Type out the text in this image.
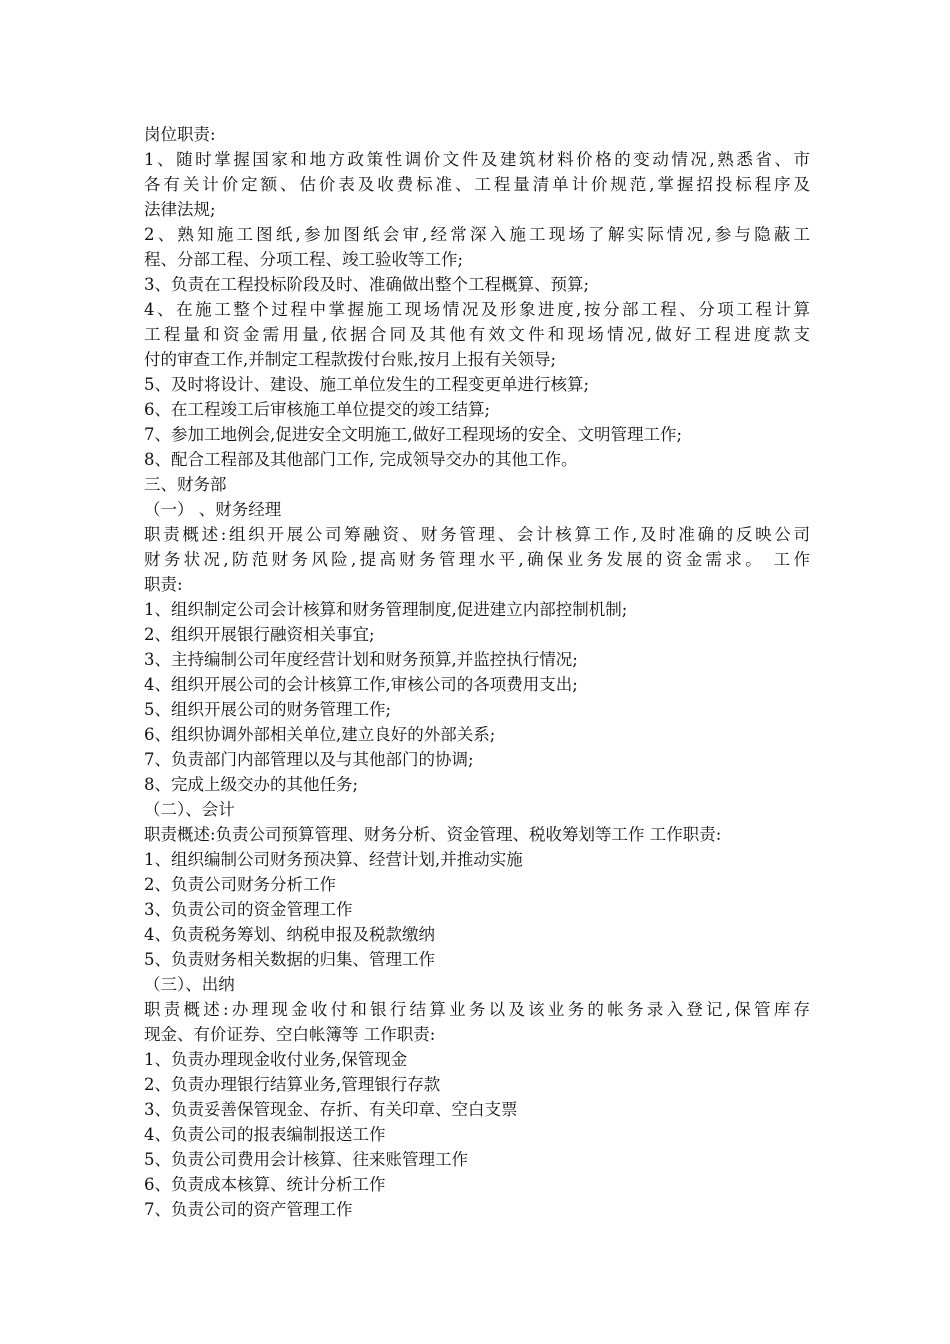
岗位职责:
1、随时掌握国家和地方政策性调价文件及建筑材料价格的变动情况,熟悉省、市
各有关计价定额、估价表及收费标准、工程量清单计价规范,掌握招投标程序及
法律法规;
2、熟知施工图纸,参加图纸会审,经常深入施工现场了解实际情况,参与隐蔽工
程、分部工程、分项工程、竣工验收等工作;
3、负责在工程投标阶段及时、准确做出整个工程概算、预算;
4、在施工整个过程中掌握施工现场情况及形象进度,按分部工程、分项工程计算
工程量和资金需用量,依据合同及其他有效文件和现场情况,做好工程进度款支
付的审查工作,并制定工程款拨付台账,按月上报有关领导;
5、及时将设计、建设、施工单位发生的工程变更单进行核算;
6、在工程竣工后审核施工单位提交的竣工结算;
7、参加工地例会,促进安全文明施工,做好工程现场的安全、文明管理工作;
8、配合工程部及其他部门工作, 完成领导交办的其他工作。
三、财务部
（一） 、财务经理
职责概述:组织开展公司筹融资、财务管理、会计核算工作,及时准确的反映公司
财务状况,防范财务风险,提高财务管理水平,确保业务发展的资金需求。 工作
职责:
1、组织制定公司会计核算和财务管理制度,促进建立内部控制机制;
2、组织开展银行融资相关事宜;
3、主持编制公司年度经营计划和财务预算,并监控执行情况;
4、组织开展公司的会计核算工作,审核公司的各项费用支出;
5、组织开展公司的财务管理工作;
6、组织协调外部相关单位,建立良好的外部关系;
7、负责部门内部管理以及与其他部门的协调;
8、完成上级交办的其他任务;
（二）、会计
职责概述:负责公司预算管理、财务分析、资金管理、税收筹划等工作 工作职责:
1、组织编制公司财务预决算、经营计划,并推动实施
2、负责公司财务分析工作
3、负责公司的资金管理工作
4、负责税务筹划、纳税申报及税款缴纳
5、负责财务相关数据的归集、管理工作
（三）、出纳
职责概述:办理现金收付和银行结算业务以及该业务的帐务录入登记,保管库存
现金、有价证券、空白帐簿等 工作职责:
1、负责办理现金收付业务,保管现金
2、负责办理银行结算业务,管理银行存款
3、负责妥善保管现金、存折、有关印章、空白支票
4、负责公司的报表编制报送工作
5、负责公司费用会计核算、往来账管理工作
6、负责成本核算、统计分析工作
7、负责公司的资产管理工作
